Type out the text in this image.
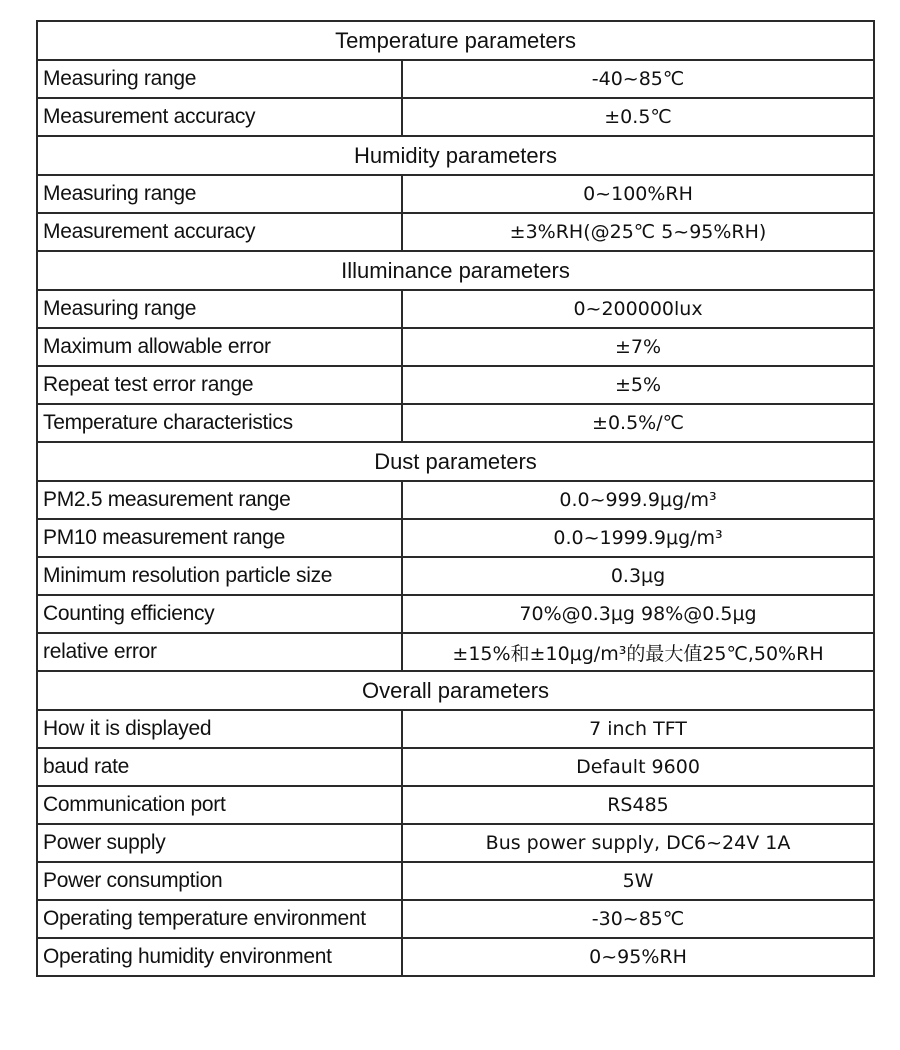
Temperature parameters	
Measuring range	-40~85℃
Measurement accuracy	±0.5℃
Humidity parameters	
Measuring range	0~100%RH
Measurement accuracy	±3%RH(@25℃ 5~95%RH)
Illuminance parameters	
Measuring range	0~200000lux
Maximum allowable error	±7%
Repeat test error range	±5%
Temperature characteristics	±0.5%/℃
Dust parameters	
PM2.5 measurement range	0.0~999.9μg/m³
PM10 measurement range	0.0~1999.9μg/m³
Minimum resolution particle size	0.3μg
Counting efficiency	70%@0.3μg 98%@0.5μg
relative error	±15%和±10μg/m³的最大值25℃,50%RH
Overall parameters	
How it is displayed	7 inch TFT
baud rate	Default 9600
Communication port	RS485
Power supply	Bus power supply, DC6~24V 1A
Power consumption	5W
Operating temperature environment	-30~85℃
Operating humidity environment	0~95%RH
